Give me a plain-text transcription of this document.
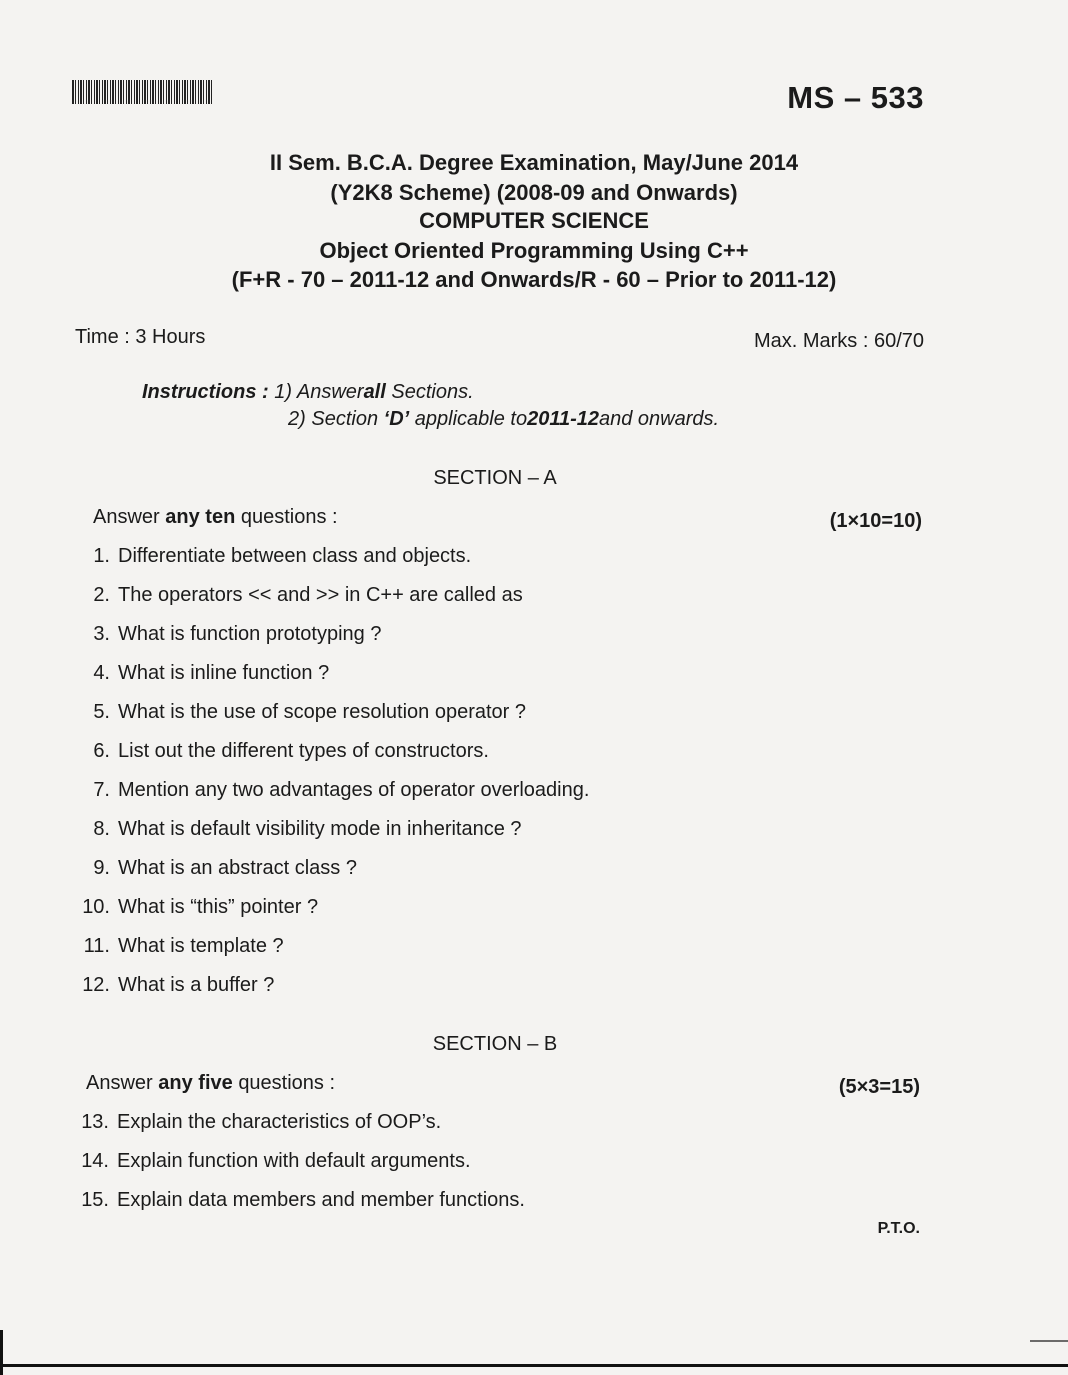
MS – 533
II Sem. B.C.A. Degree Examination, May/June 2014
(Y2K8 Scheme) (2008-09 and Onwards)
COMPUTER SCIENCE
Object Oriented Programming Using C++
(F+R - 70 – 2011-12 and Onwards/R - 60 – Prior to 2011-12)
Time : 3 Hours	Max. Marks : 60/70
Instructions : 1) Answerall Sections.
2) Section ‘D’ applicable to2011-12and onwards.
SECTION – A
Answer any ten questions :	(1×10=10)
1. Differentiate between class and objects.
2. The operators << and >> in C++ are called as
3. What is function prototyping ?
4. What is inline function ?
5. What is the use of scope resolution operator ?
6. List out the different types of constructors.
7. Mention any two advantages of operator overloading.
8. What is default visibility mode in inheritance ?
9. What is an abstract class ?
10. What is “this” pointer ?
11. What is template ?
12. What is a buffer ?
SECTION – B
Answer any five questions :	(5×3=15)
13. Explain the characteristics of OOP’s.
14. Explain function with default arguments.
15. Explain data members and member functions.
P.T.O.
